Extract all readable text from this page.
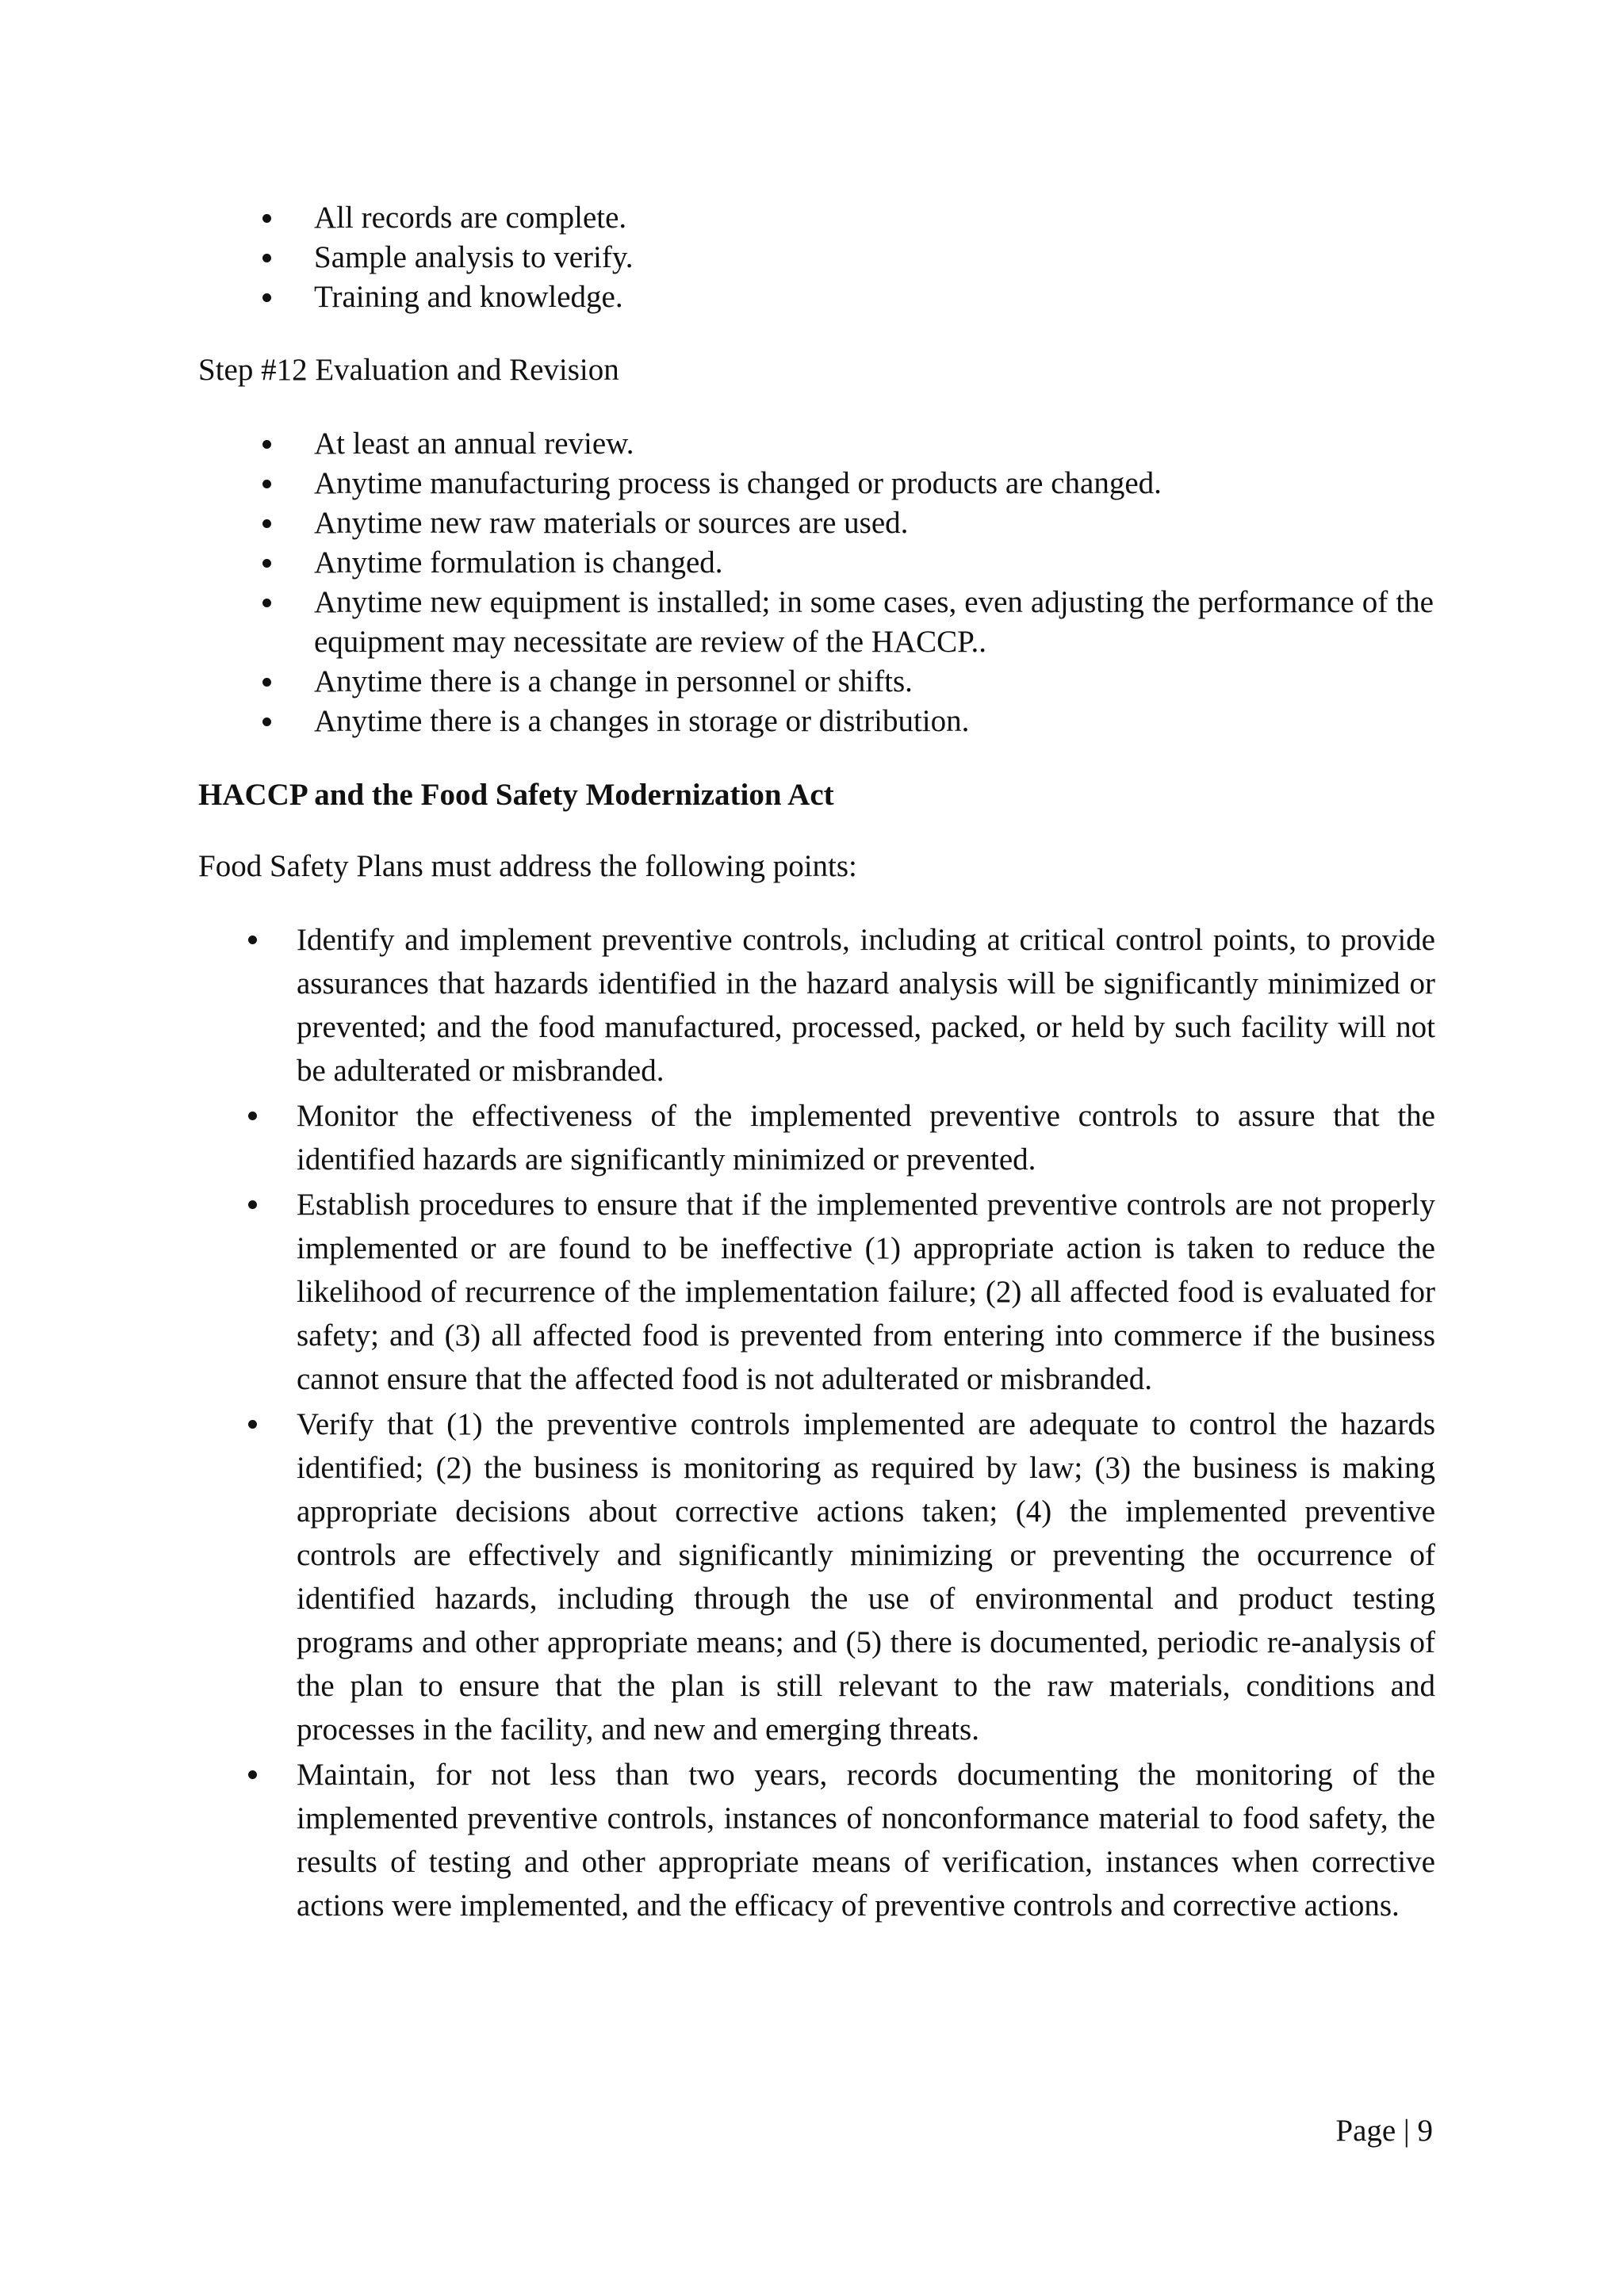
All records are complete.
Sample analysis to verify.
Training and knowledge.
Step #12 Evaluation and Revision
At least an annual review.
Anytime manufacturing process is changed or products are changed.
Anytime new raw materials or sources are used.
Anytime formulation is changed.
Anytime new equipment is installed; in some cases, even adjusting the performance of the equipment may necessitate are review of the HACCP..
Anytime there is a change in personnel or shifts.
Anytime there is a changes in storage or distribution.
HACCP and the Food Safety Modernization Act
Food Safety Plans must address the following points:
Identify and implement preventive controls, including at critical control points, to provide assurances that hazards identified in the hazard analysis will be significantly minimized or prevented; and the food manufactured, processed, packed, or held by such facility will not be adulterated or misbranded.
Monitor the effectiveness of the implemented preventive controls to assure that the identified hazards are significantly minimized or prevented.
Establish procedures to ensure that if the implemented preventive controls are not properly implemented or are found to be ineffective (1) appropriate action is taken to reduce the likelihood of recurrence of the implementation failure; (2) all affected food is evaluated for safety; and (3) all affected food is prevented from entering into commerce if the business cannot ensure that the affected food is not adulterated or misbranded.
Verify that (1) the preventive controls implemented are adequate to control the hazards identified; (2) the business is monitoring as required by law; (3) the business is making appropriate decisions about corrective actions taken; (4) the implemented preventive controls are effectively and significantly minimizing or preventing the occurrence of identified hazards, including through the use of environmental and product testing programs and other appropriate means; and (5) there is documented, periodic re-analysis of the plan to ensure that the plan is still relevant to the raw materials, conditions and processes in the facility, and new and emerging threats.
Maintain, for not less than two years, records documenting the monitoring of the implemented preventive controls, instances of nonconformance material to food safety, the results of testing and other appropriate means of verification, instances when corrective actions were implemented, and the efficacy of preventive controls and corrective actions.
Page | 9
